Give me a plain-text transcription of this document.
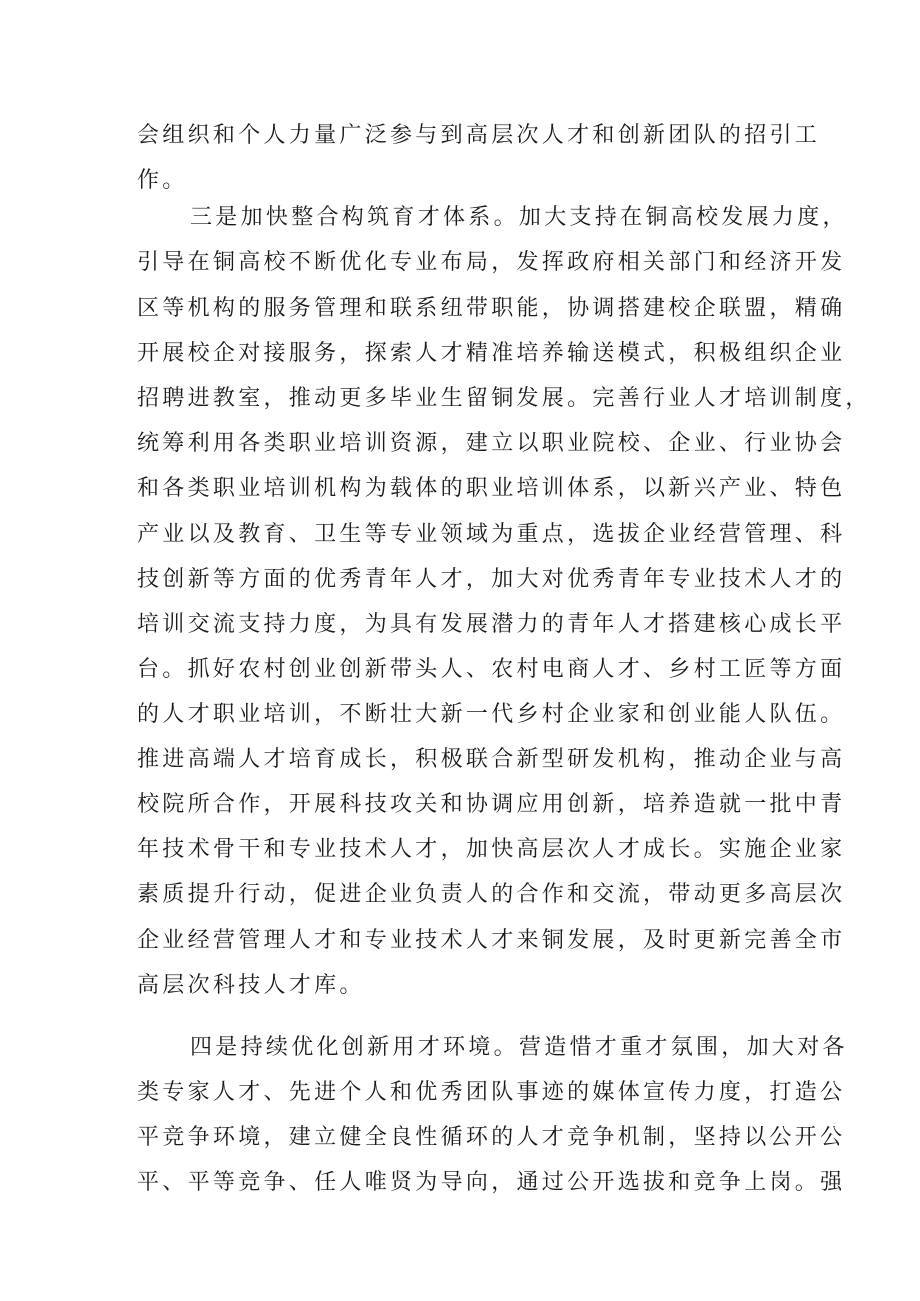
会组织和个人力量广泛参与到高层次人才和创新团队的招引工
作。
三是加快整合构筑育才体系。加大支持在铜高校发展力度，
引导在铜高校不断优化专业布局，发挥政府相关部门和经济开发
区等机构的服务管理和联系纽带职能，协调搭建校企联盟，精确
开展校企对接服务，探索人才精准培养输送模式，积极组织企业
招聘进教室，推动更多毕业生留铜发展。完善行业人才培训制度，
统筹利用各类职业培训资源，建立以职业院校、企业、行业协会
和各类职业培训机构为载体的职业培训体系，以新兴产业、特色
产业以及教育、卫生等专业领域为重点，选拔企业经营管理、科
技创新等方面的优秀青年人才，加大对优秀青年专业技术人才的
培训交流支持力度，为具有发展潜力的青年人才搭建核心成长平
台。抓好农村创业创新带头人、农村电商人才、乡村工匠等方面
的人才职业培训，不断壮大新一代乡村企业家和创业能人队伍。
推进高端人才培育成长，积极联合新型研发机构，推动企业与高
校院所合作，开展科技攻关和协调应用创新，培养造就一批中青
年技术骨干和专业技术人才，加快高层次人才成长。实施企业家
素质提升行动，促进企业负责人的合作和交流，带动更多高层次
企业经营管理人才和专业技术人才来铜发展，及时更新完善全市
高层次科技人才库。
四是持续优化创新用才环境。营造惜才重才氛围，加大对各
类专家人才、先进个人和优秀团队事迹的媒体宣传力度，打造公
平竞争环境，建立健全良性循环的人才竞争机制，坚持以公开公
平、平等竞争、任人唯贤为导向，通过公开选拔和竞争上岗。强
